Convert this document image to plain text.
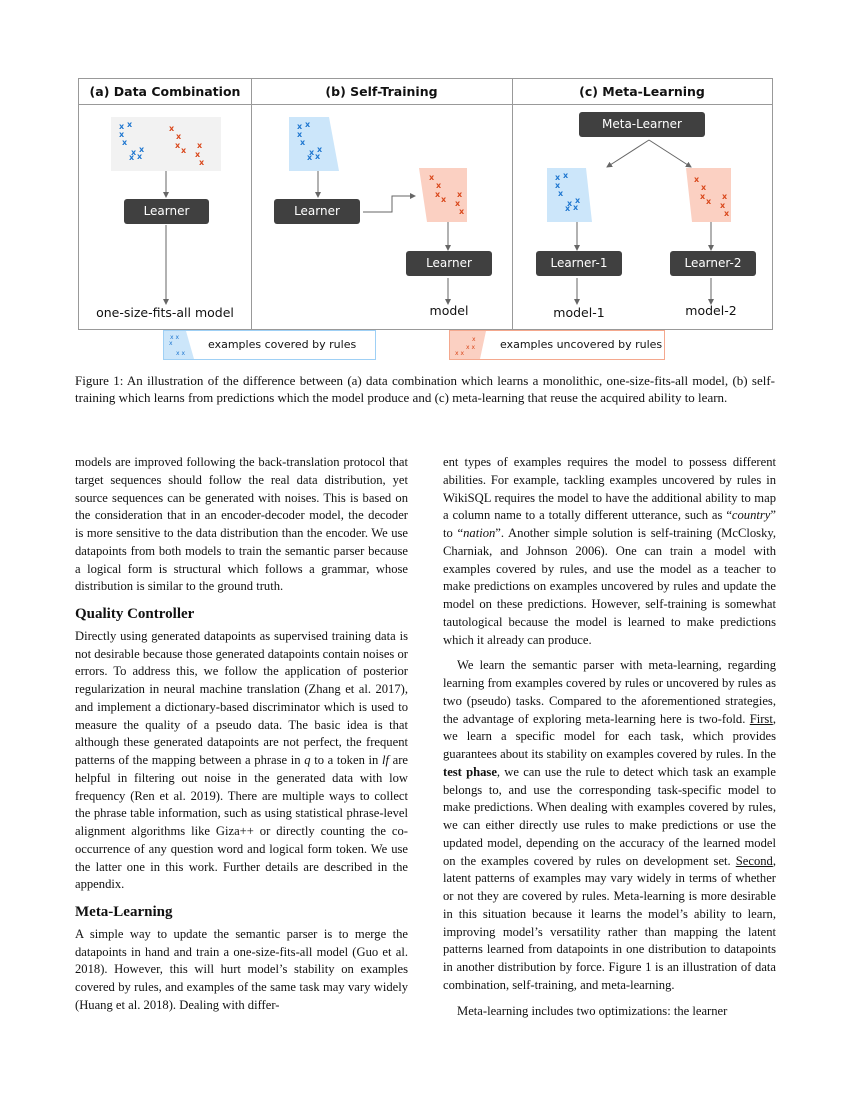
(a) Data Combination	(b) Self-Training	(c) Meta-Learning
x x
x
x
x x
x x
x
x
x
x
x
x
x
x x
x
x
x x
x x
x
x
x
x
x
x
x
x x
x
x
x x
x x
x
x
x
x
x
x
x
Learner	Learner
Learner
Meta-Learner
Learner-1	Learner-2
one-size-fits-all model	model	model-1	model-2
x x
x
x x
examples covered by rules	x
x x
x x
examples uncovered by rules
Figure 1: An illustration of the difference between (a) data combination which learns a monolithic, one-size-fits-all model, (b) self-training which learns from predictions which the model produce and (c) meta-learning that reuse the acquired ability to learn.

models are improved following the back-translation protocol that target sequences should follow the real data distribution, yet source sequences can be generated with noises. This is based on the consideration that in an encoder-decoder model, the decoder is more sensitive to the data distribution than the encoder. We use datapoints from both models to train the semantic parser because a logical form is structural which follows a grammar, whose distribution is similar to the ground truth.

Quality Controller

Directly using generated datapoints as supervised training data is not desirable because those generated datapoints contain noises or errors. To address this, we follow the application of posterior regularization in neural machine translation (Zhang et al. 2017), and implement a dictionary-based discriminator which is used to measure the quality of a pseudo data. The basic idea is that although these generated datapoints are not perfect, the frequent patterns of the mapping between a phrase in q to a token in lf are helpful in filtering out noise in the generated data with low frequency (Ren et al. 2019). There are multiple ways to collect the phrase table information, such as using statistical phrase-level alignment algorithms like Giza++ or directly counting the co-occurrence of any question word and logical form token. We use the latter one in this work. Further details are described in the appendix.

Meta-Learning

A simple way to update the semantic parser is to merge the datapoints in hand and train a one-size-fits-all model (Guo et al. 2018). However, this will hurt model’s stability on examples covered by rules, and examples of the same task may vary widely (Huang et al. 2018). Dealing with differ-

ent types of examples requires the model to possess different abilities. For example, tackling examples uncovered by rules in WikiSQL requires the model to have the additional ability to map a column name to a totally different utterance, such as “country” to “nation”. Another simple solution is self-training (McClosky, Charniak, and Johnson 2006). One can train a model with examples covered by rules, and use the model as a teacher to make predictions on examples uncovered by rules and update the model on these predictions. However, self-training is somewhat tautological because the model is learned to make predictions which it already can produce.

We learn the semantic parser with meta-learning, regarding learning from examples covered by rules or uncovered by rules as two (pseudo) tasks. Compared to the aforementioned strategies, the advantage of exploring meta-learning here is two-fold. First, we learn a specific model for each task, which provides guarantees about its stability on examples covered by rules. In the test phase, we can use the rule to detect which task an example belongs to, and use the corresponding task-specific model to make predictions. When dealing with examples covered by rules, we can either directly use rules to make predictions or use the updated model, depending on the accuracy of the learned model on the examples covered by rules on development set. Second, latent patterns of examples may vary widely in terms of whether or not they are covered by rules. Meta-learning is more desirable in this situation because it learns the model’s ability to learn, improving model’s versatility rather than mapping the latent patterns learned from datapoints in one distribution to datapoints in another distribution by force. Figure 1 is an illustration of data combination, self-training, and meta-learning.

Meta-learning includes two optimizations: the learner
